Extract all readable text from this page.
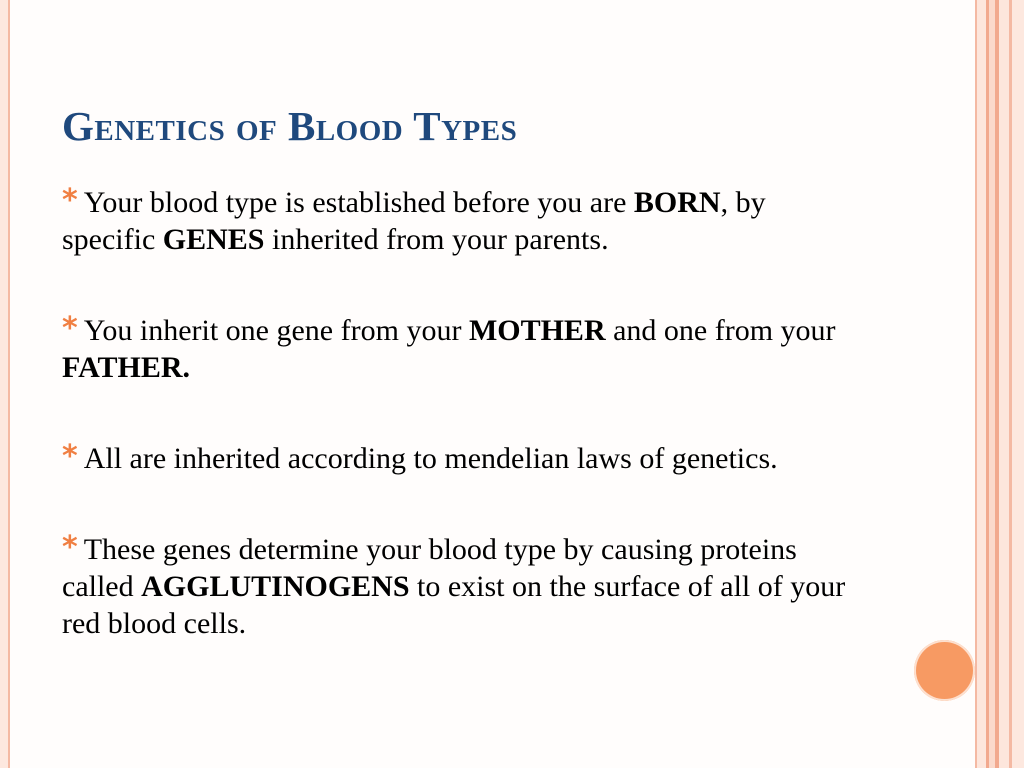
Genetics of Blood Types

* Your blood type is established before you are BORN, by specific GENES inherited from your parents.

* You inherit one gene from your MOTHER and one from your FATHER.

* All are inherited according to mendelian laws of genetics.

* These genes determine your blood type by causing proteins called AGGLUTINOGENS to exist on the surface of all of your red blood cells.
